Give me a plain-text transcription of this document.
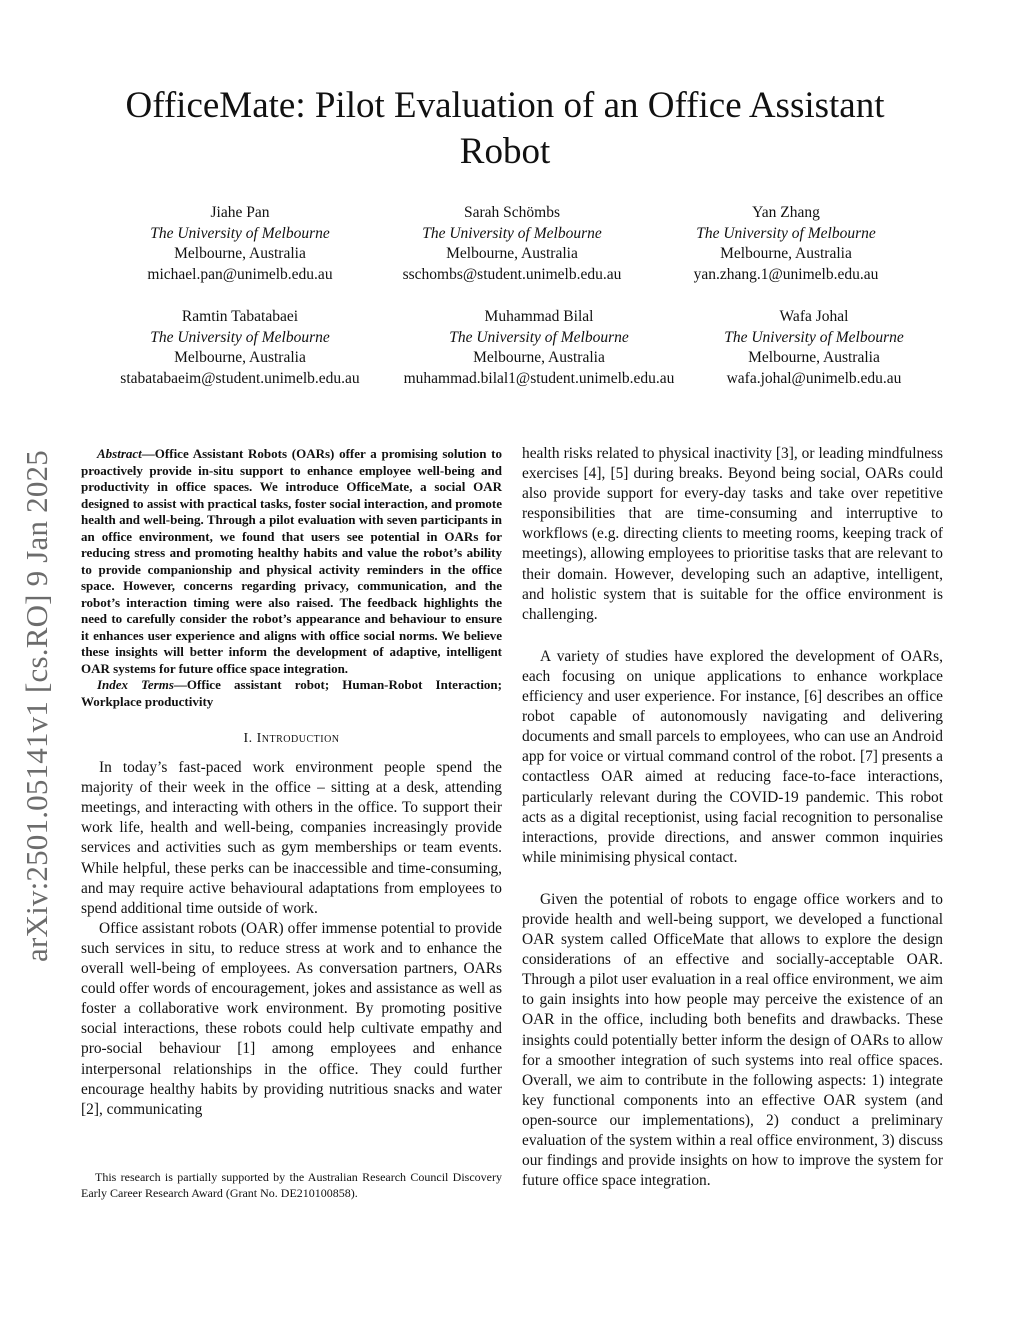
arXiv:2501.05141v1 [cs.RO] 9 Jan 2025
OfficeMate: Pilot Evaluation of an Office Assistant Robot
Jiahe Pan
The University of Melbourne
Melbourne, Australia
michael.pan@unimelb.edu.au
Sarah Schömbs
The University of Melbourne
Melbourne, Australia
sschombs@student.unimelb.edu.au
Yan Zhang
The University of Melbourne
Melbourne, Australia
yan.zhang.1@unimelb.edu.au
Ramtin Tabatabaei
The University of Melbourne
Melbourne, Australia
stabatabaeim@student.unimelb.edu.au
Muhammad Bilal
The University of Melbourne
Melbourne, Australia
muhammad.bilal1@student.unimelb.edu.au
Wafa Johal
The University of Melbourne
Melbourne, Australia
wafa.johal@unimelb.edu.au

Abstract—Office Assistant Robots (OARs) offer a promising solution to proactively provide in-situ support to enhance employee well-being and productivity in office spaces. We introduce OfficeMate, a social OAR designed to assist with practical tasks, foster social interaction, and promote health and well-being. Through a pilot evaluation with seven participants in an office environment, we found that users see potential in OARs for reducing stress and promoting healthy habits and value the robot’s ability to provide companionship and physical activity reminders in the office space. However, concerns regarding privacy, communication, and the robot’s interaction timing were also raised. The feedback highlights the need to carefully consider the robot’s appearance and behaviour to ensure it enhances user experience and aligns with office social norms. We believe these insights will better inform the development of adaptive, intelligent OAR systems for future office space integration.

Index Terms—Office assistant robot; Human-Robot Interaction; Workplace productivity

I. Introduction

In today’s fast-paced work environment people spend the majority of their week in the office – sitting at a desk, attending meetings, and interacting with others in the office. To support their work life, health and well-being, companies increasingly provide services and activities such as gym memberships or team events. While helpful, these perks can be inaccessible and time-consuming, and may require active behavioural adaptations from employees to spend additional time outside of work.

Office assistant robots (OAR) offer immense potential to provide such services in situ, to reduce stress at work and to enhance the overall well-being of employees. As conversation partners, OARs could offer words of encouragement, jokes and assistance as well as foster a collaborative work environment. By promoting positive social interactions, these robots could help cultivate empathy and pro-social behaviour [1] among employees and enhance interpersonal relationships in the office. They could further encourage healthy habits by providing nutritious snacks and water [2], communicating

This research is partially supported by the Australian Research Council Discovery Early Career Research Award (Grant No. DE210100858).

health risks related to physical inactivity [3], or leading mindfulness exercises [4], [5] during breaks. Beyond being social, OARs could also provide support for every-day tasks and take over repetitive responsibilities that are time-consuming and interruptive to workflows (e.g. directing clients to meeting rooms, keeping track of meetings), allowing employees to prioritise tasks that are relevant to their domain. However, developing such an adaptive, intelligent, and holistic system that is suitable for the office environment is challenging.

A variety of studies have explored the development of OARs, each focusing on unique applications to enhance workplace efficiency and user experience. For instance, [6] describes an office robot capable of autonomously navigating and delivering documents and small parcels to employees, who can use an Android app for voice or virtual command control of the robot. [7] presents a contactless OAR aimed at reducing face-to-face interactions, particularly relevant during the COVID-19 pandemic. This robot acts as a digital receptionist, using facial recognition to personalise interactions, provide directions, and answer common inquiries while minimising physical contact.

Given the potential of robots to engage office workers and to provide health and well-being support, we developed a functional OAR system called OfficeMate that allows to explore the design considerations of an effective and socially-acceptable OAR. Through a pilot user evaluation in a real office environment, we aim to gain insights into how people may perceive the existence of an OAR in the office, including both benefits and drawbacks. These insights could potentially better inform the design of OARs to allow for a smoother integration of such systems into real office spaces. Overall, we aim to contribute in the following aspects: 1) integrate key functional components into an effective OAR system (and open-source our implementations), 2) conduct a preliminary evaluation of the system within a real office environment, 3) discuss our findings and provide insights on how to improve the system for future office space integration.
